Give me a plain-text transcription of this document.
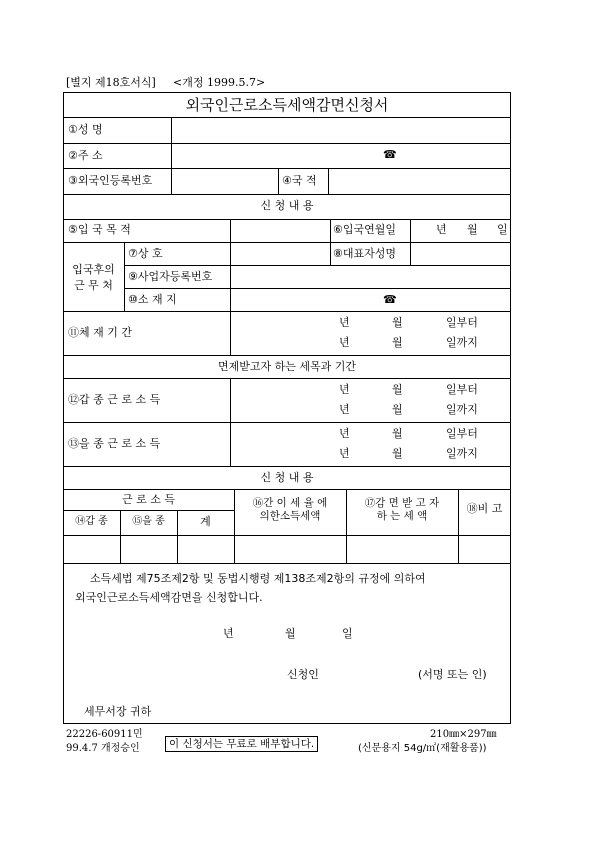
[별지 제18호서식] <개정 1999.5.7>
외국인근로소득세액감면신청서
①성 명
②주 소	☎
③외국인등록번호	④국 적
신 청 내 용
⑤입 국 목 적	⑥입국연월일	년 월 일
입국후의
근 무 처
⑦상 호	⑧대표자성명
⑨사업자등록번호
⑩소 재 지	☎
⑪체 재 기 간
년	월	일부터
년	월	일까지
면제받고자 하는 세목과 기간
⑫갑 종 근 로 소 득
년	월	일부터
년	월	일까지
⑬을 종 근 로 소 득
년	월	일부터
년	월	일까지
신 청 내 용
근 로 소 득
⑭갑 종	⑮을 종	계
⑯간 이 세 율 에
의한소득세액
⑰감 면 받 고 자
하 는 세 액
⑱비 고
소득세법 제75조제2항 및 동법시행령 제138조제2항의 규정에 의하여
외국인근로소득세액감면을 신청합니다.
년	월	일
신청인	(서명 또는 인)
세무서장 귀하
22226-60911민
99.4.7 개정승인	이 신청서는 무료로 배부합니다.
210㎜×297㎜
(신문용지 54g/㎡(재활용품))
